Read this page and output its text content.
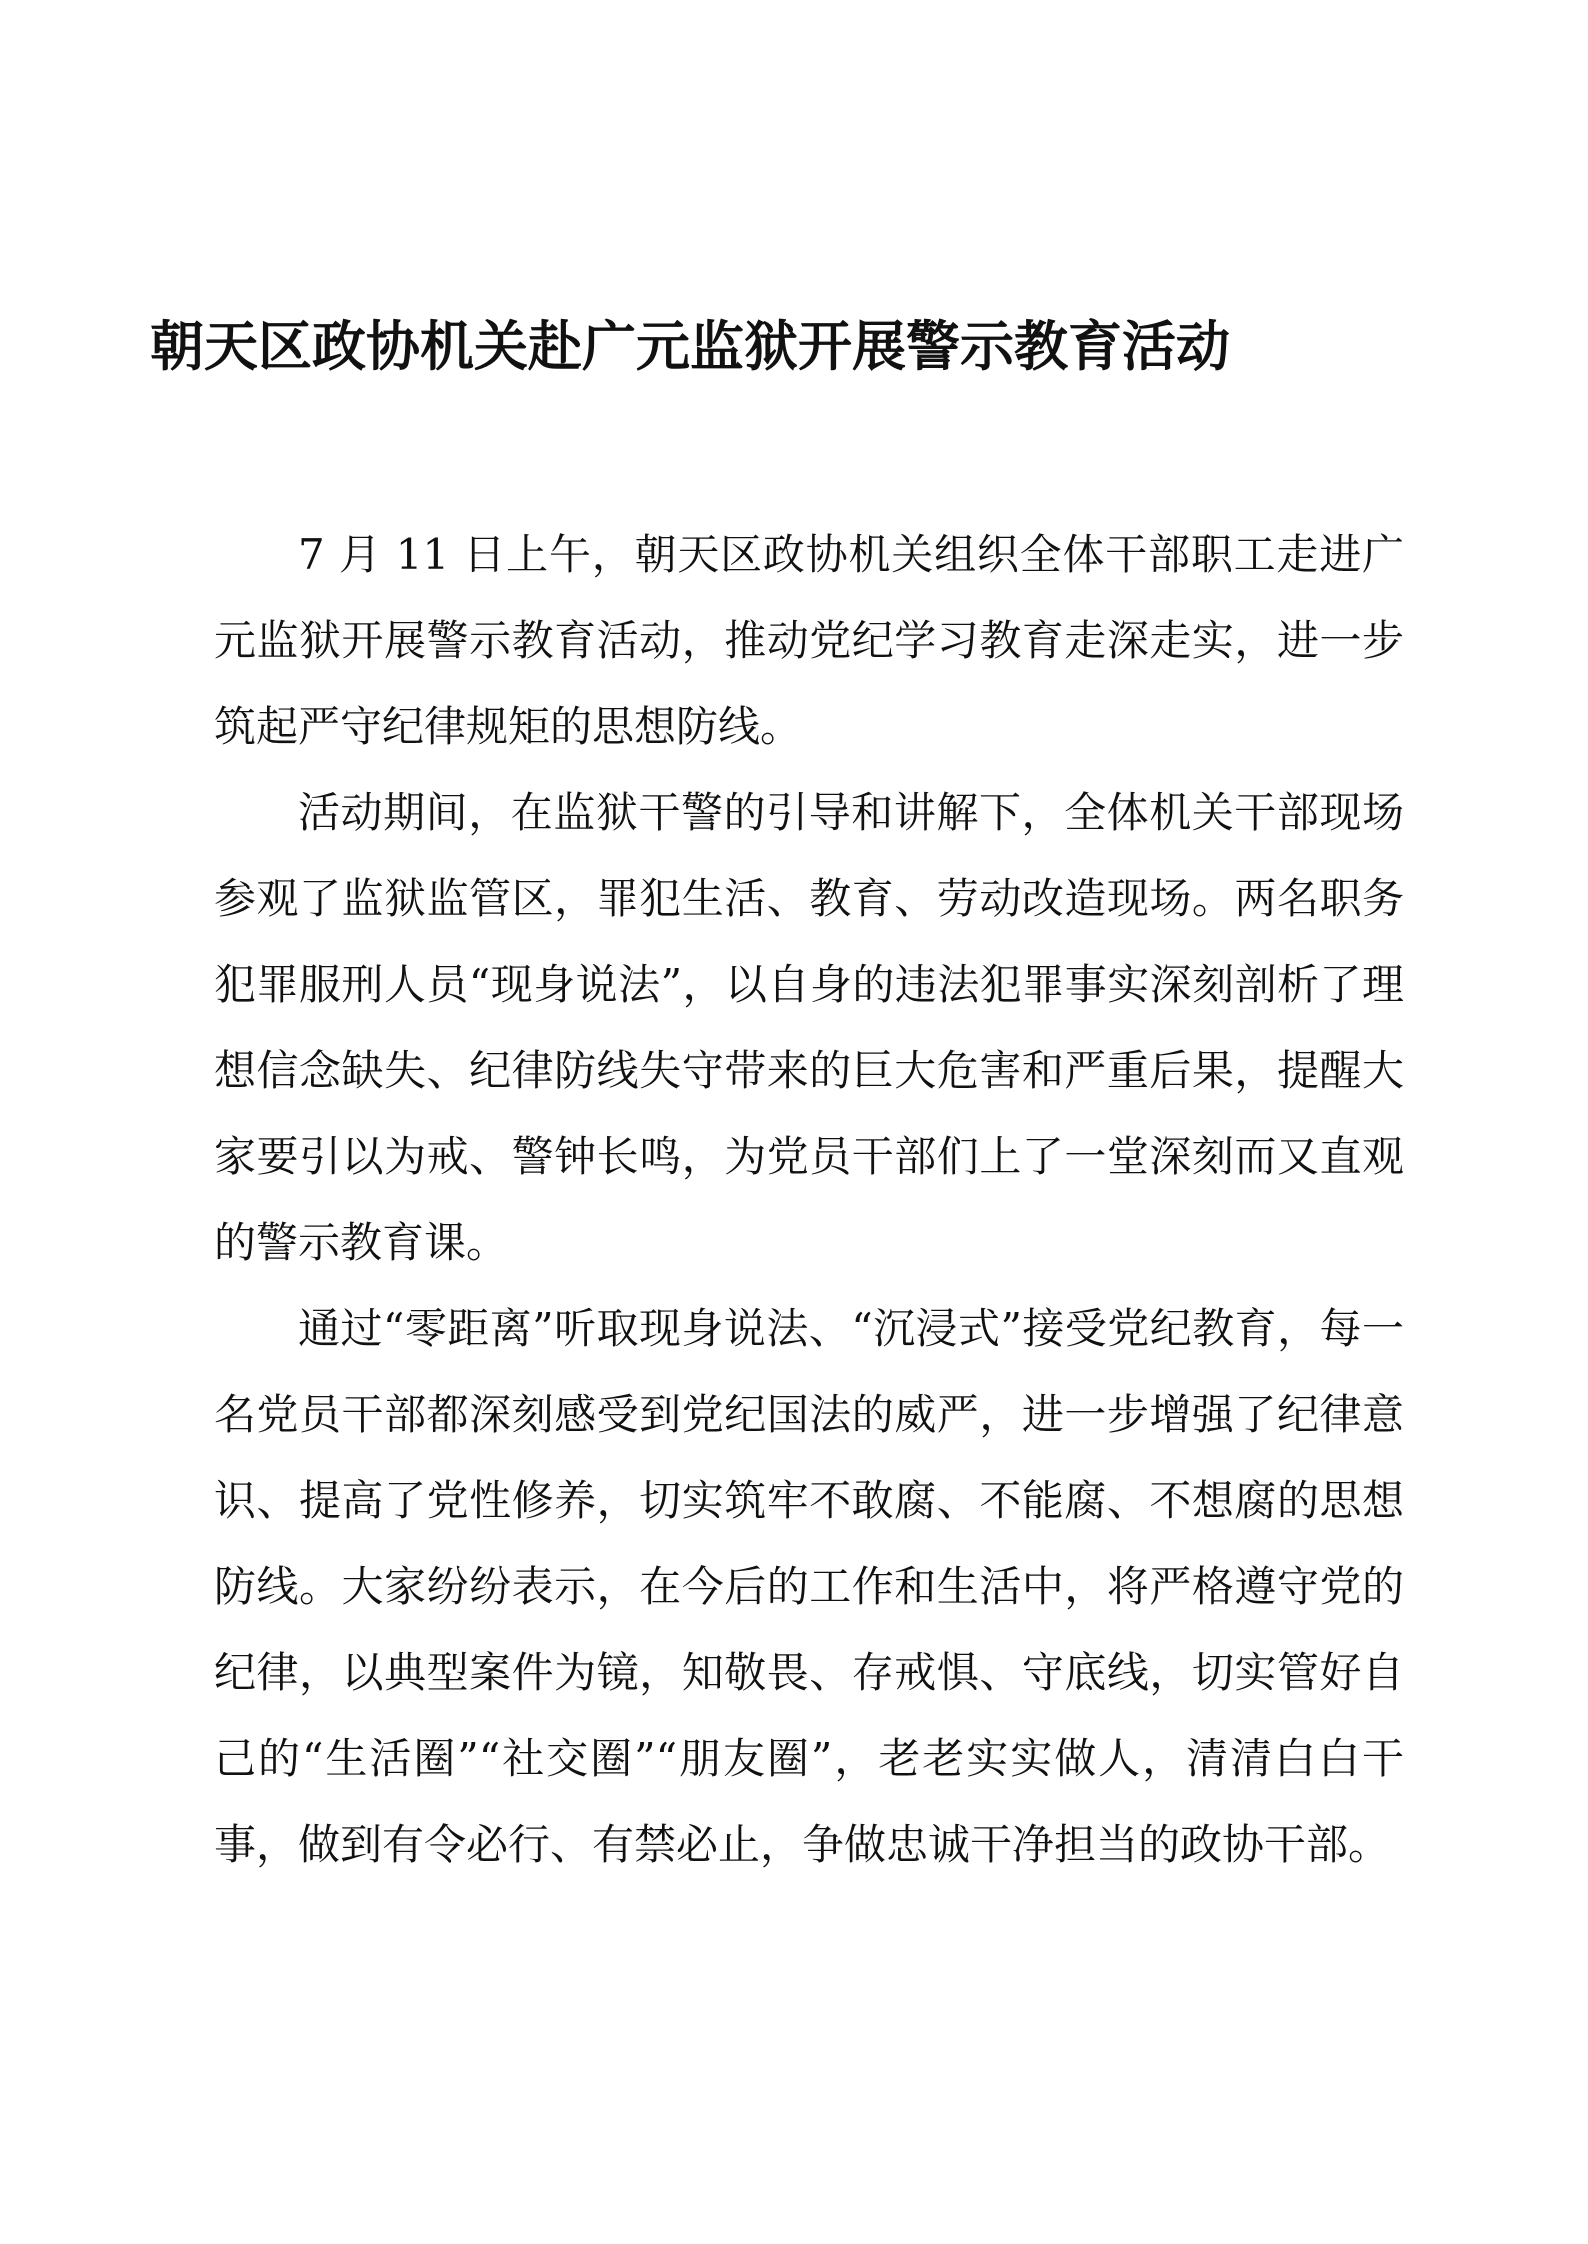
朝天区政协机关赴广元监狱开展警示教育活动

7 月 11 日上午，朝天区政协机关组织全体干部职工走进广元监狱开展警示教育活动，推动党纪学习教育走深走实，进一步筑起严守纪律规矩的思想防线。

活动期间，在监狱干警的引导和讲解下，全体机关干部现场参观了监狱监管区，罪犯生活、教育、劳动改造现场。两名职务犯罪服刑人员“现身说法”，以自身的违法犯罪事实深刻剖析了理想信念缺失、纪律防线失守带来的巨大危害和严重后果，提醒大家要引以为戒、警钟长鸣，为党员干部们上了一堂深刻而又直观的警示教育课。

通过“零距离”听取现身说法、“沉浸式”接受党纪教育，每一名党员干部都深刻感受到党纪国法的威严，进一步增强了纪律意识、提高了党性修养，切实筑牢不敢腐、不能腐、不想腐的思想防线。大家纷纷表示，在今后的工作和生活中，将严格遵守党的纪律，以典型案件为镜，知敬畏、存戒惧、守底线，切实管好自己的“生活圈”“社交圈”“朋友圈”，老老实实做人，清清白白干事，做到有令必行、有禁必止，争做忠诚干净担当的政协干部。
